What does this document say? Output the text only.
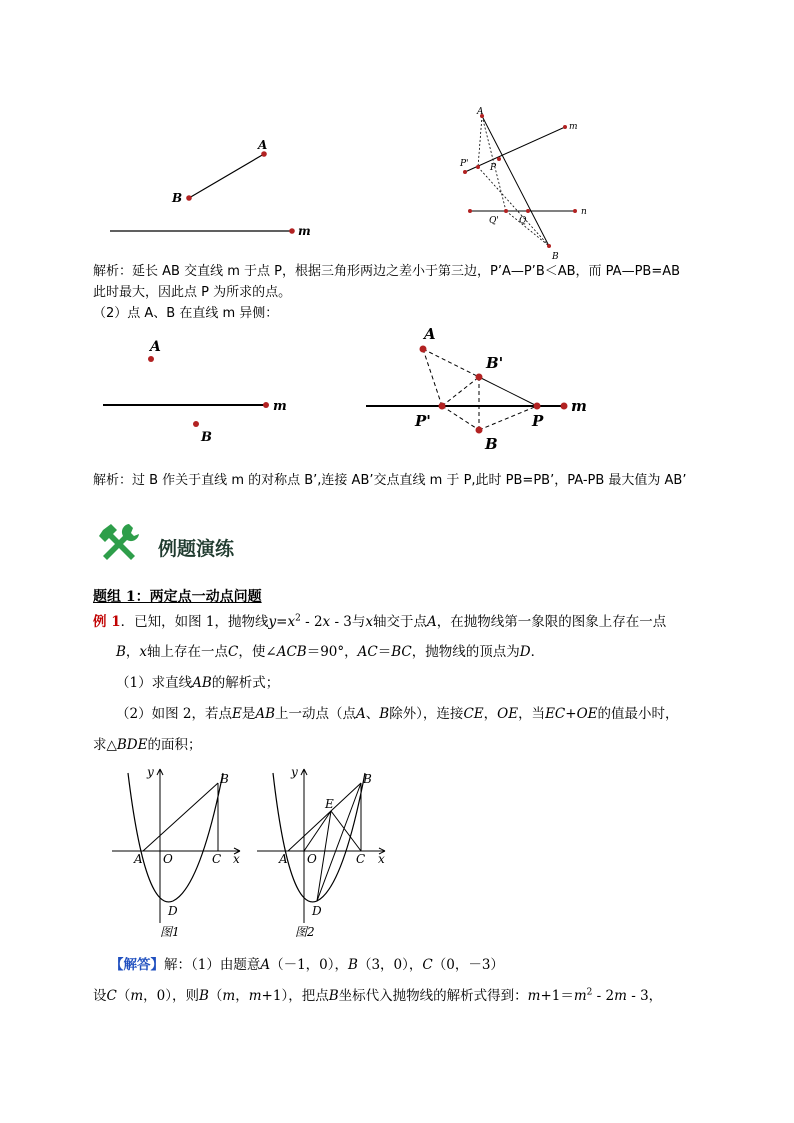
A
B
m
A
m
P' P
n
Q' Q
B
解析：延长 AB 交直线 m 于点 P，根据三角形两边之差小于第三边，P’A—P’B＜AB，而 PA—PB=AB
此时最大，因此点 P 为所求的点。
（2）点 A、B 在直线 m 异侧：
A
B
m
A
B'
P'	P
B
m
解析：过 B 作关于直线 m 的对称点 B’,连接 AB’交点直线 m 于 P,此时 PB=PB’，PA-PB 最大值为 AB’
例题演练
题组 1：两定点一动点问题
例 1．已知，如图 1，抛物线$y=x^2 - 2x - 3$与x轴交于点A，在抛物线第一象限的图象上存在一点
B，x轴上存在一点C，使∠ACB＝90°，AC＝BC，抛物线的顶点为D．
（1）求直线AB的解析式；
（2）如图 2，若点E是AB上一动点（点A、B除外），连接CE，OE，当EC+OE的值最小时，
求△BDE的面积；
y
x
A O
B
C
D
图1
y
x
A O
B
C
D
E
图2
【解答】解：（1）由题意A（－1，0），B（3，0），C（0，－3）
设C（m，0），则B（m，m+1），把点B坐标代入抛物线的解析式得到：$m+1=m^2 - 2m - 3$，
